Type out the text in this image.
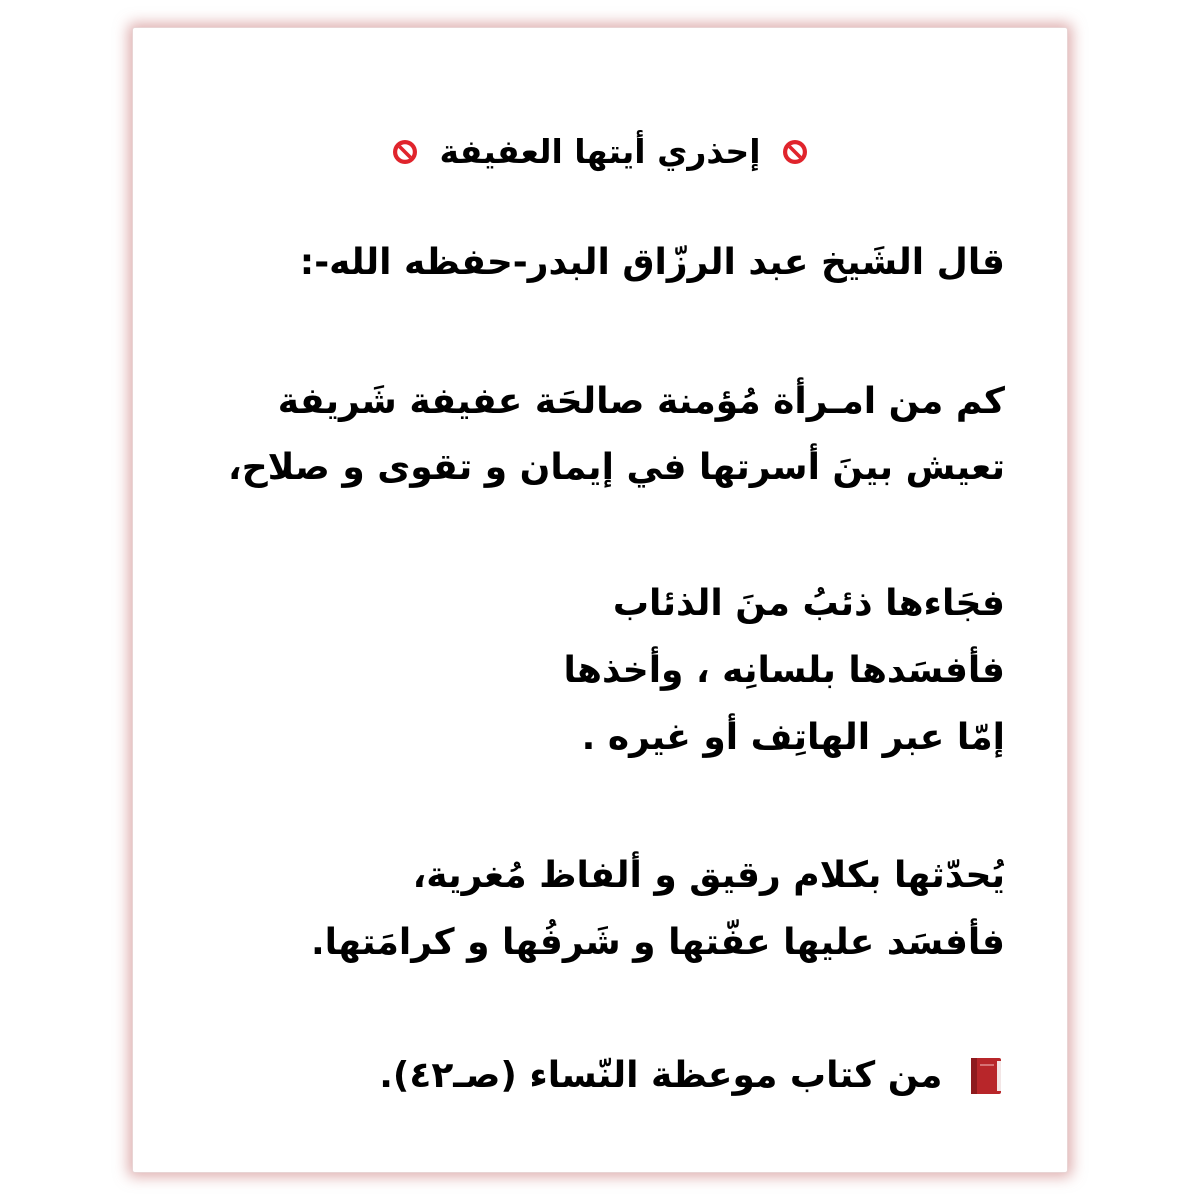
إحذري أيتها العفيفة
قال الشَيخ عبد الرزّاق البدر-حفظه الله-:
كم من امـرأة مُؤمنة صالحَة عفيفة شَريفة
تعيش بينَ أسرتها في إيمان و تقوى و صلاح،
فجَاءها ذئبُ منَ الذئاب
فأفسَدها بلسانِه ، وأخذها
إمّا عبر الهاتِف أو غيره .
يُحدّثها بكلام رقيق و ألفاظ مُغرية،
فأفسَد عليها عفّتها و شَرفُها و كرامَتها.
من كتاب موعظة النّساء (صـ٤٢).
